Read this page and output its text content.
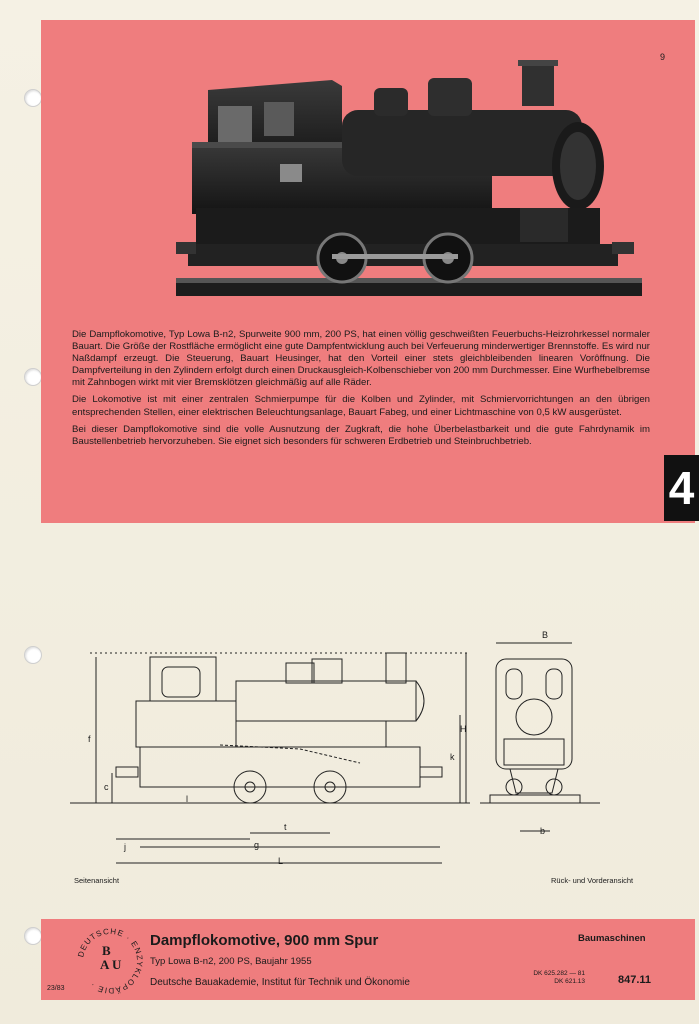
9

Die Dampflokomotive, Typ Lowa B-n2, Spurweite 900 mm, 200 PS, hat einen völlig geschweißten Feuerbuchs-Heizrohrkessel normaler Bauart. Die Größe der Rostfläche ermöglicht eine gute Dampfentwicklung auch bei Verfeuerung minderwertiger Brennstoffe. Es wird nur Naßdampf erzeugt. Die Steuerung, Bauart Heusinger, hat den Vorteil einer stets gleichbleibenden linearen Vorôffnung. Die Dampfverteilung in den Zylindern erfolgt durch einen Druckausgleich-Kolbenschieber von 200 mm Durchmesser. Eine Wurfhebelbremse mit Zahnbogen wirkt mit vier Bremsklötzen gleichmäßig auf alle Räder.

Die Lokomotive ist mit einer zentralen Schmierpumpe für die Kolben und Zylinder, mit Schmiervorrichtungen an den übrigen entsprechenden Stellen, einer elektrischen Beleuchtungsanlage, Bauart Fabeg, und einer Lichtmaschine von 0,5 kW ausgerüstet.

Bei dieser Dampflokomotive sind die volle Ausnutzung der Zugkraft, die hohe Überbelastbarkeit und die gute Fahrdynamik im Baustellenbetrieb hervorzuheben. Sie eignet sich besonders für schweren Erdbetrieb und Steinbruchbetrieb.

4
f
c
l
t
j	g
L
k
H
B
b
Seitenansicht	Rück- und Vorderansicht
DEUTSCHE · ENZYKLOPÄDIE ·
B
A U
23/83
Dampflokomotive, 900 mm Spur	Baumaschinen
Typ Lowa B-n2, 200 PS, Baujahr 1955
Deutsche Bauakademie, Institut für Technik und Ökonomie
DK 625.282 — 81
DK 621.13	847.11
